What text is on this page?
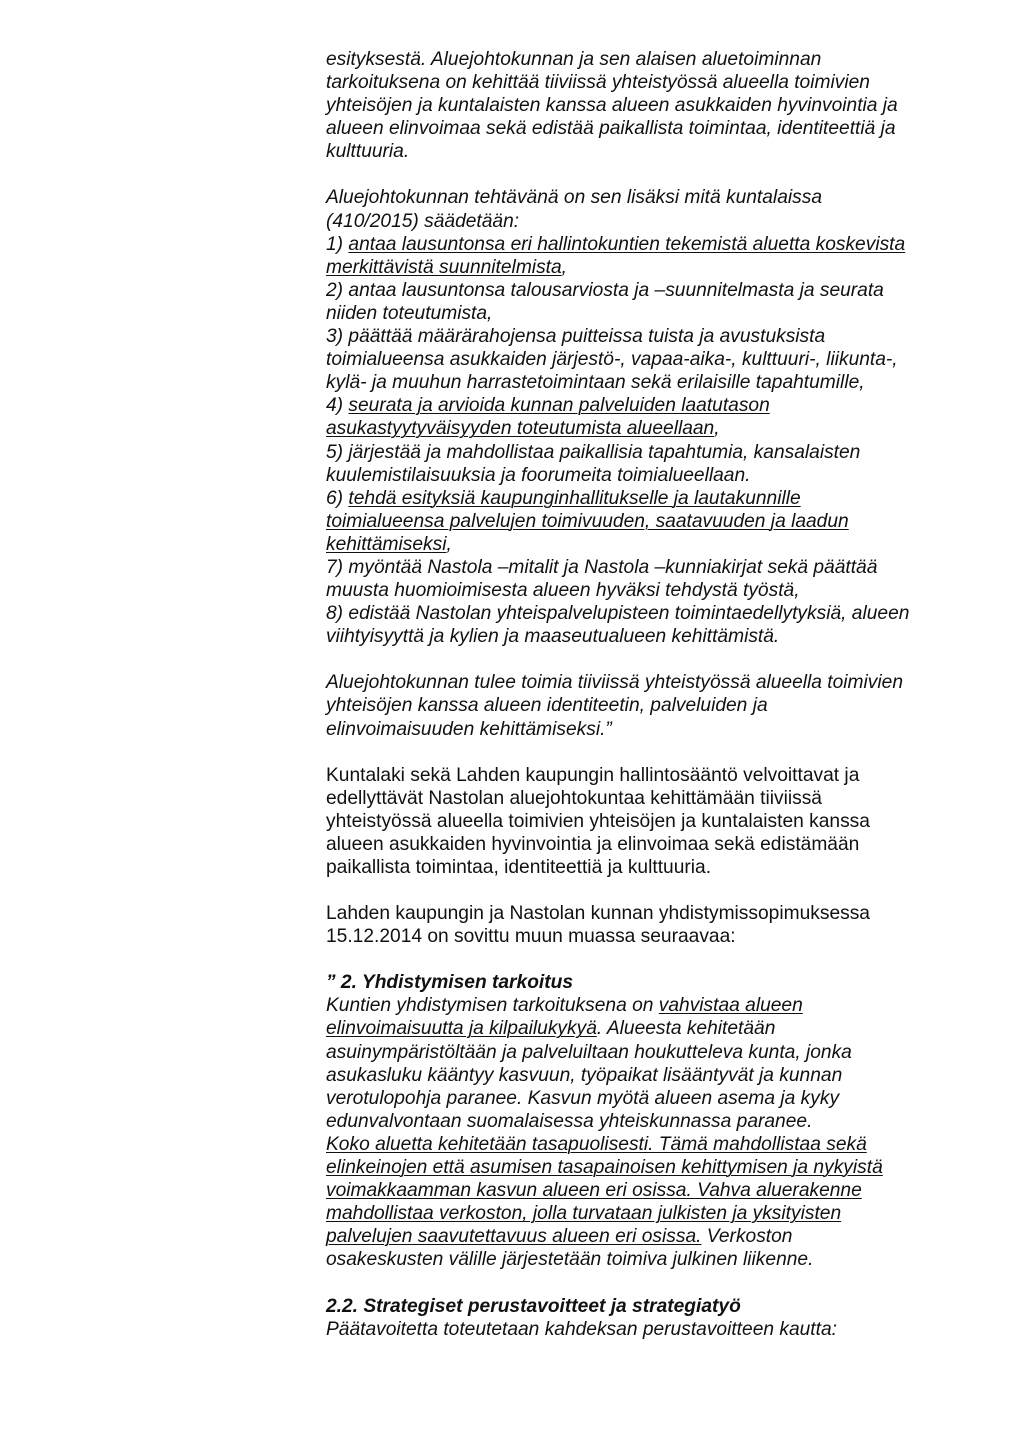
esityksestä. Aluejohtokunnan ja sen alaisen aluetoiminnan
tarkoituksena on kehittää tiiviissä yhteistyössä alueella toimivien
yhteisöjen ja kuntalaisten kanssa alueen asukkaiden hyvinvointia ja
alueen elinvoimaa sekä edistää paikallista toimintaa, identiteettiä ja
kulttuuria.
Aluejohtokunnan tehtävänä on sen lisäksi mitä kuntalaissa
(410/2015) säädetään:
1) antaa lausuntonsa eri hallintokuntien tekemistä aluetta koskevista
merkittävistä suunnitelmista,
2) antaa lausuntonsa talousarviosta ja –suunnitelmasta ja seurata
niiden toteutumista,
3) päättää määrärahojensa puitteissa tuista ja avustuksista
toimialueensa asukkaiden järjestö-, vapaa-aika-, kulttuuri-, liikunta-,
kylä- ja muuhun harrastetoimintaan sekä erilaisille tapahtumille,
4) seurata ja arvioida kunnan palveluiden laatutason
asukastyytyväisyyden toteutumista alueellaan,
5) järjestää ja mahdollistaa paikallisia tapahtumia, kansalaisten
kuulemistilaisuuksia ja foorumeita toimialueellaan.
6) tehdä esityksiä kaupunginhallitukselle ja lautakunnille
toimialueensa palvelujen toimivuuden, saatavuuden ja laadun
kehittämiseksi,
7) myöntää Nastola –mitalit ja Nastola –kunniakirjat sekä päättää
muusta huomioimisesta alueen hyväksi tehdystä työstä,
8) edistää Nastolan yhteispalvelupisteen toimintaedellytyksiä, alueen
viihtyisyyttä ja kylien ja maaseutualueen kehittämistä.
Aluejohtokunnan tulee toimia tiiviissä yhteistyössä alueella toimivien
yhteisöjen kanssa alueen identiteetin, palveluiden ja
elinvoimaisuuden kehittämiseksi.”
Kuntalaki sekä Lahden kaupungin hallintosääntö velvoittavat ja
edellyttävät Nastolan aluejohtokuntaa kehittämään tiiviissä
yhteistyössä alueella toimivien yhteisöjen ja kuntalaisten kanssa
alueen asukkaiden hyvinvointia ja elinvoimaa sekä edistämään
paikallista toimintaa, identiteettiä ja kulttuuria.
Lahden kaupungin ja Nastolan kunnan yhdistymissopimuksessa
15.12.2014 on sovittu muun muassa seuraavaa:
” 2. Yhdistymisen tarkoitus
Kuntien yhdistymisen tarkoituksena on vahvistaa alueen
elinvoimaisuutta ja kilpailukykyä. Alueesta kehitetään
asuinympäristöltään ja palveluiltaan houkutteleva kunta, jonka
asukasluku kääntyy kasvuun, työpaikat lisääntyvät ja kunnan
verotulopohja paranee. Kasvun myötä alueen asema ja kyky
edunvalvontaan suomalaisessa yhteiskunnassa paranee.
Koko aluetta kehitetään tasapuolisesti. Tämä mahdollistaa sekä
elinkeinojen että asumisen tasapainoisen kehittymisen ja nykyistä
voimakkaamman kasvun alueen eri osissa. Vahva aluerakenne
mahdollistaa verkoston, jolla turvataan julkisten ja yksityisten
palvelujen saavutettavuus alueen eri osissa. Verkoston
osakeskusten välille järjestetään toimiva julkinen liikenne.
2.2. Strategiset perustavoitteet ja strategiatyö
Päätavoitetta toteutetaan kahdeksan perustavoitteen kautta:
